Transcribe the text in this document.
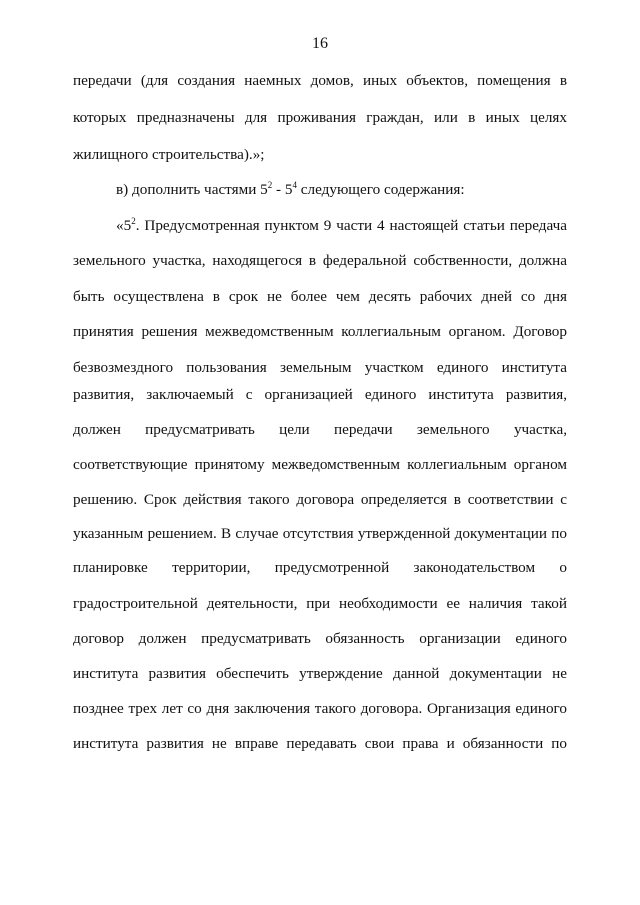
16
передачи (для создания наемных домов, иных объектов, помещения в
которых предназначены для проживания граждан, или в иных целях
жилищного строительства).»;
в) дополнить частями $5^2 - 5^4$ следующего содержания:
«$5^2$. Предусмотренная пунктом 9 части 4 настоящей статьи передача
земельного участка, находящегося в федеральной собственности, должна
быть осуществлена в срок не более чем десять рабочих дней со дня
принятия решения межведомственным коллегиальным органом. Договор
безвозмездного пользования земельным участком единого института
развития, заключаемый с организацией единого института развития,
должен предусматривать цели передачи земельного участка,
соответствующие принятому межведомственным коллегиальным органом
решению. Срок действия такого договора определяется в соответствии с
указанным решением. В случае отсутствия утвержденной документации по
планировке территории, предусмотренной законодательством о
градостроительной деятельности, при необходимости ее наличия такой
договор должен предусматривать обязанность организации единого
института развития обеспечить утверждение данной документации не
позднее трех лет со дня заключения такого договора. Организация единого
института развития не вправе передавать свои права и обязанности по
